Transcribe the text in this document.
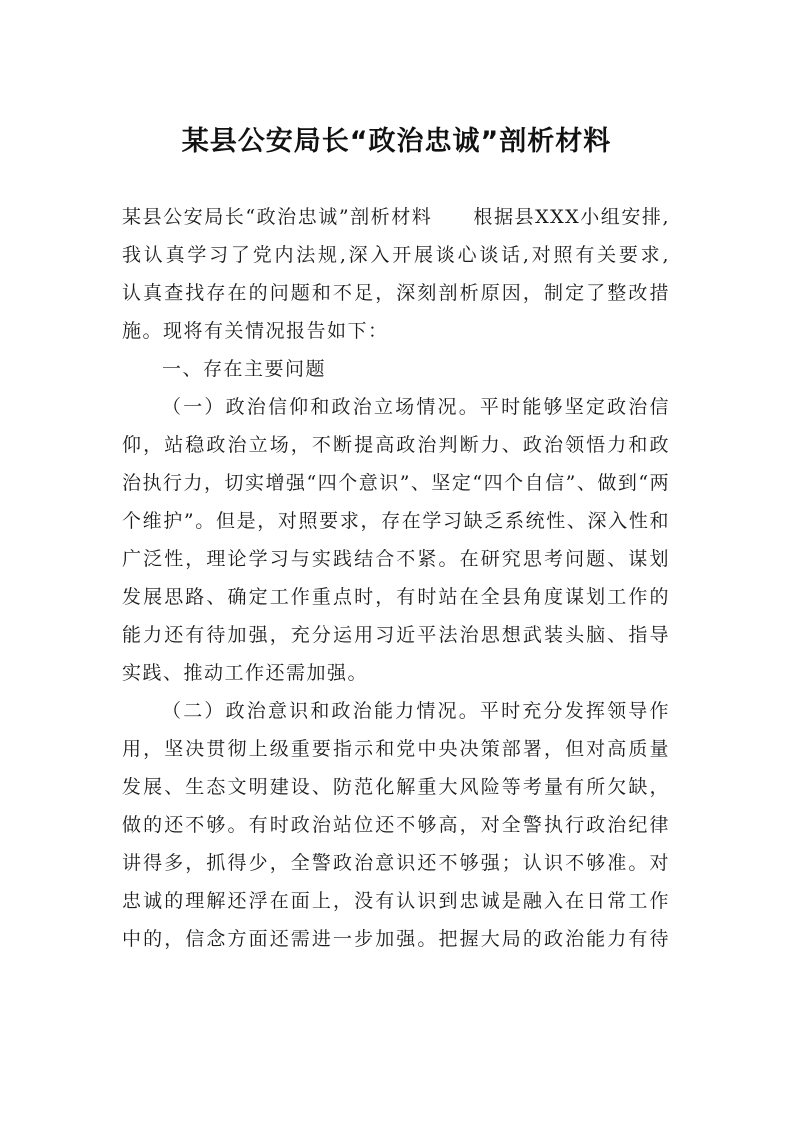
某县公安局长“政治忠诚”剖析材料
某县公安局长“政治忠诚”剖析材料　　根据县XXX小组安排,
我认真学习了党内法规,深入开展谈心谈话,对照有关要求,
认真查找存在的问题和不足，深刻剖析原因，制定了整改措
施。现将有关情况报告如下：
一、存在主要问题
（一）政治信仰和政治立场情况。平时能够坚定政治信
仰，站稳政治立场，不断提高政治判断力、政治领悟力和政
治执行力，切实增强“四个意识”、坚定“四个自信”、做到“两
个维护”。但是，对照要求，存在学习缺乏系统性、深入性和
广泛性，理论学习与实践结合不紧。在研究思考问题、谋划
发展思路、确定工作重点时，有时站在全县角度谋划工作的
能力还有待加强，充分运用习近平法治思想武装头脑、指导
实践、推动工作还需加强。
（二）政治意识和政治能力情况。平时充分发挥领导作
用，坚决贯彻上级重要指示和党中央决策部署，但对高质量
发展、生态文明建设、防范化解重大风险等考量有所欠缺，
做的还不够。有时政治站位还不够高，对全警执行政治纪律
讲得多，抓得少，全警政治意识还不够强；认识不够准。对
忠诚的理解还浮在面上，没有认识到忠诚是融入在日常工作
中的，信念方面还需进一步加强。把握大局的政治能力有待
